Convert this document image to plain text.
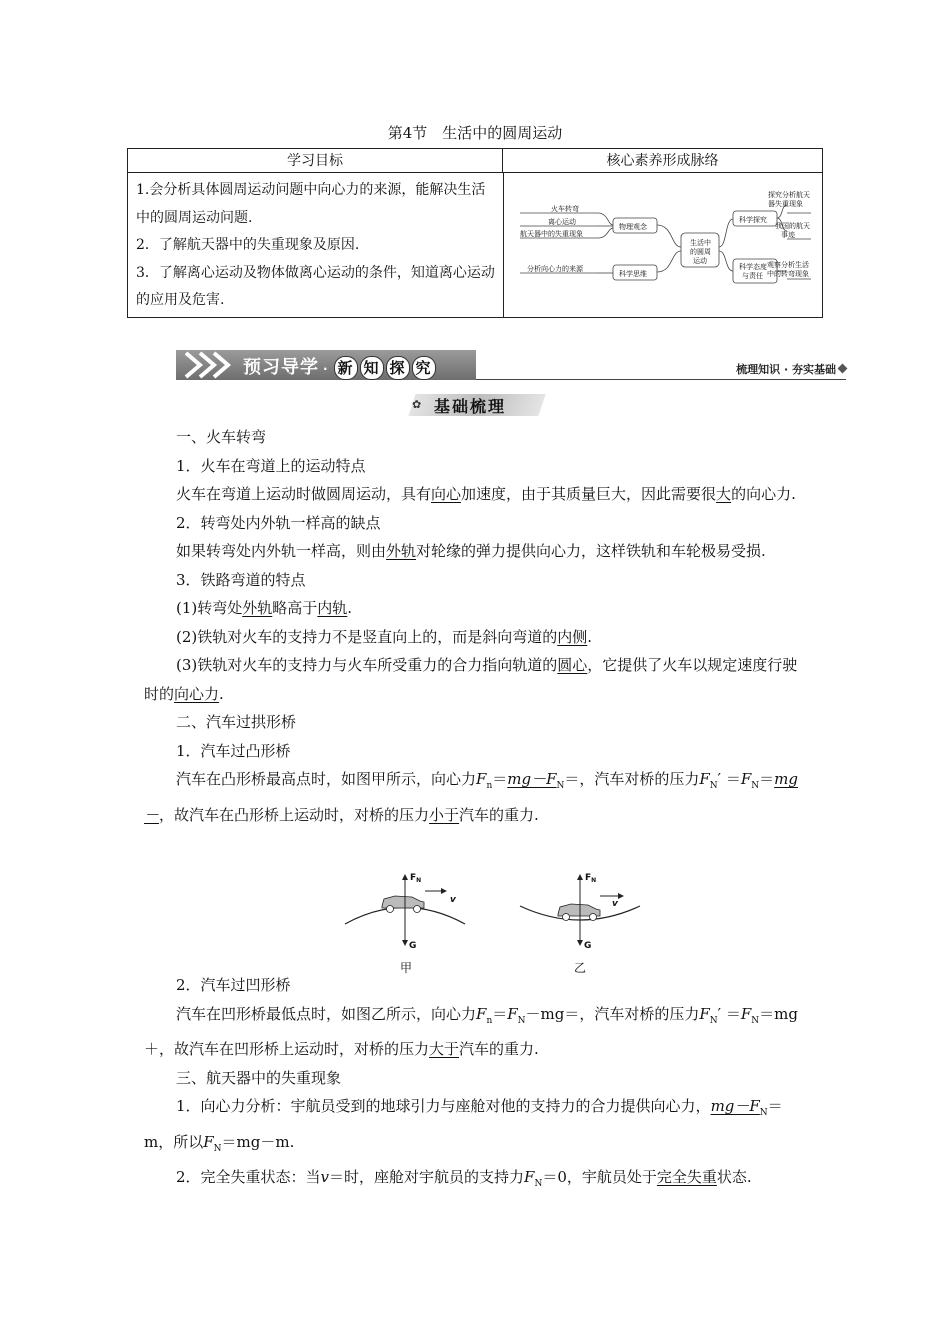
第4节　生活中的圆周运动
学习目标	核心素养形成脉络

1.会分析具体圆周运动问题中向心力的来源，能解决生活中的圆周运动问题.

2．了解航天器中的失重现象及原因.

3．了解离心运动及物体做离心运动的条件，知道离心运动的应用及危害.

火车转弯
离心运动
航天器中的失重现象
分析向心力的来源
物理观念
科学思维
生活中
的圆周
运动
科学探究
科学态度
与责任
探究分析航天
器失重现象
我国的航天
事迹
观察分析生活
中的转弯现象
预习导学 · 新 知 探 究	梳理知识 · 夯实基础
✿ 基础梳理

一、火车转弯

1．火车在弯道上的运动特点

火车在弯道上运动时做圆周运动，具有向心加速度，由于其质量巨大，因此需要很大的向心力.

2．转弯处内外轨一样高的缺点

如果转弯处内外轨一样高，则由外轨对轮缘的弹力提供向心力，这样铁轨和车轮极易受损.

3．铁路弯道的特点

(1)转弯处外轨略高于内轨.

(2)铁轨对火车的支持力不是竖直向上的，而是斜向弯道的内侧.

(3)铁轨对火车的支持力与火车所受重力的合力指向轨道的圆心，它提供了火车以规定速度行驶时的向心力.

二、汽车过拱形桥

1．汽车过凸形桥

汽车在凸形桥最高点时，如图甲所示，向心力$F_n=mg-F_N=$，汽车对桥的压力$F_N' =F_N=mg-$，故汽车在凸形桥上运动时，对桥的压力小于汽车的重力.

2．汽车过凹形桥

汽车在凹形桥最低点时，如图乙所示，向心力$F_n=F_N-mg=$，汽车对桥的压力$F_N' =F_N=mg+$，故汽车在凹形桥上运动时，对桥的压力大于汽车的重力.

三、航天器中的失重现象

1．向心力分析：宇航员受到的地球引力与座舱对他的支持力的合力提供向心力，$mg-F_N=m$，所以$F_N=mg-m$.

2．完全失重状态：当v＝时，座舱对宇航员的支持力$F_N=0$，宇航员处于完全失重状态.

$F_N$
G
v
甲
$F_N$
G
v
乙
